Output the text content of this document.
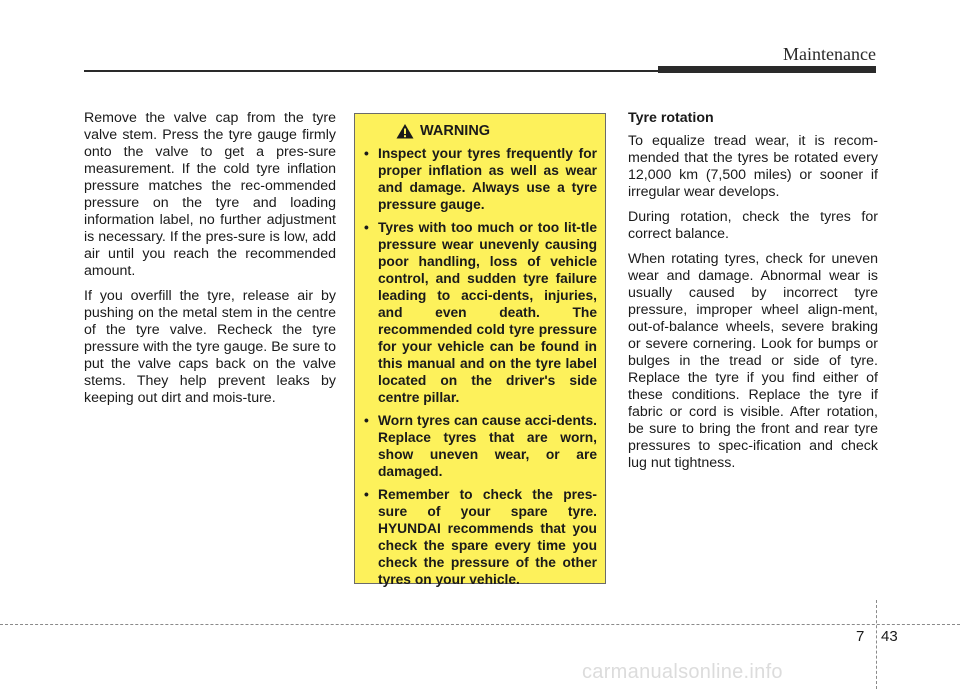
Maintenance

Remove the valve cap from the tyre valve stem. Press the tyre gauge firmly onto the valve to get a pres-sure measurement. If the cold tyre inflation pressure matches the rec-ommended pressure on the tyre and loading information label, no further adjustment is necessary. If the pres-sure is low, add air until you reach the recommended amount.

If you overfill the tyre, release air by pushing on the metal stem in the centre of the tyre valve. Recheck the tyre pressure with the tyre gauge. Be sure to put the valve caps back on the valve stems. They help prevent leaks by keeping out dirt and mois-ture.

WARNING
• Inspect your tyres frequently for proper inflation as well as wear and damage. Always use a tyre pressure gauge.
• Tyres with too much or too lit-tle pressure wear unevenly causing poor handling, loss of vehicle control, and sudden tyre failure leading to acci-dents, injuries, and even death. The recommended cold tyre pressure for your vehicle can be found in this manual and on the tyre label located on the driver's side centre pillar.
• Worn tyres can cause acci-dents. Replace tyres that are worn, show uneven wear, or are damaged.
• Remember to check the pres-sure of your spare tyre. HYUNDAI recommends that you check the spare every time you check the pressure of the other tyres on your vehicle.
Tyre rotation

To equalize tread wear, it is recom-mended that the tyres be rotated every 12,000 km (7,500 miles) or sooner if irregular wear develops.

During rotation, check the tyres for correct balance.

When rotating tyres, check for uneven wear and damage. Abnormal wear is usually caused by incorrect tyre pressure, improper wheel align-ment, out-of-balance wheels, severe braking or severe cornering. Look for bumps or bulges in the tread or side of tyre. Replace the tyre if you find either of these conditions. Replace the tyre if fabric or cord is visible. After rotation, be sure to bring the front and rear tyre pressures to spec-ification and check lug nut tightness.

7 43
carmanualsonline.info
